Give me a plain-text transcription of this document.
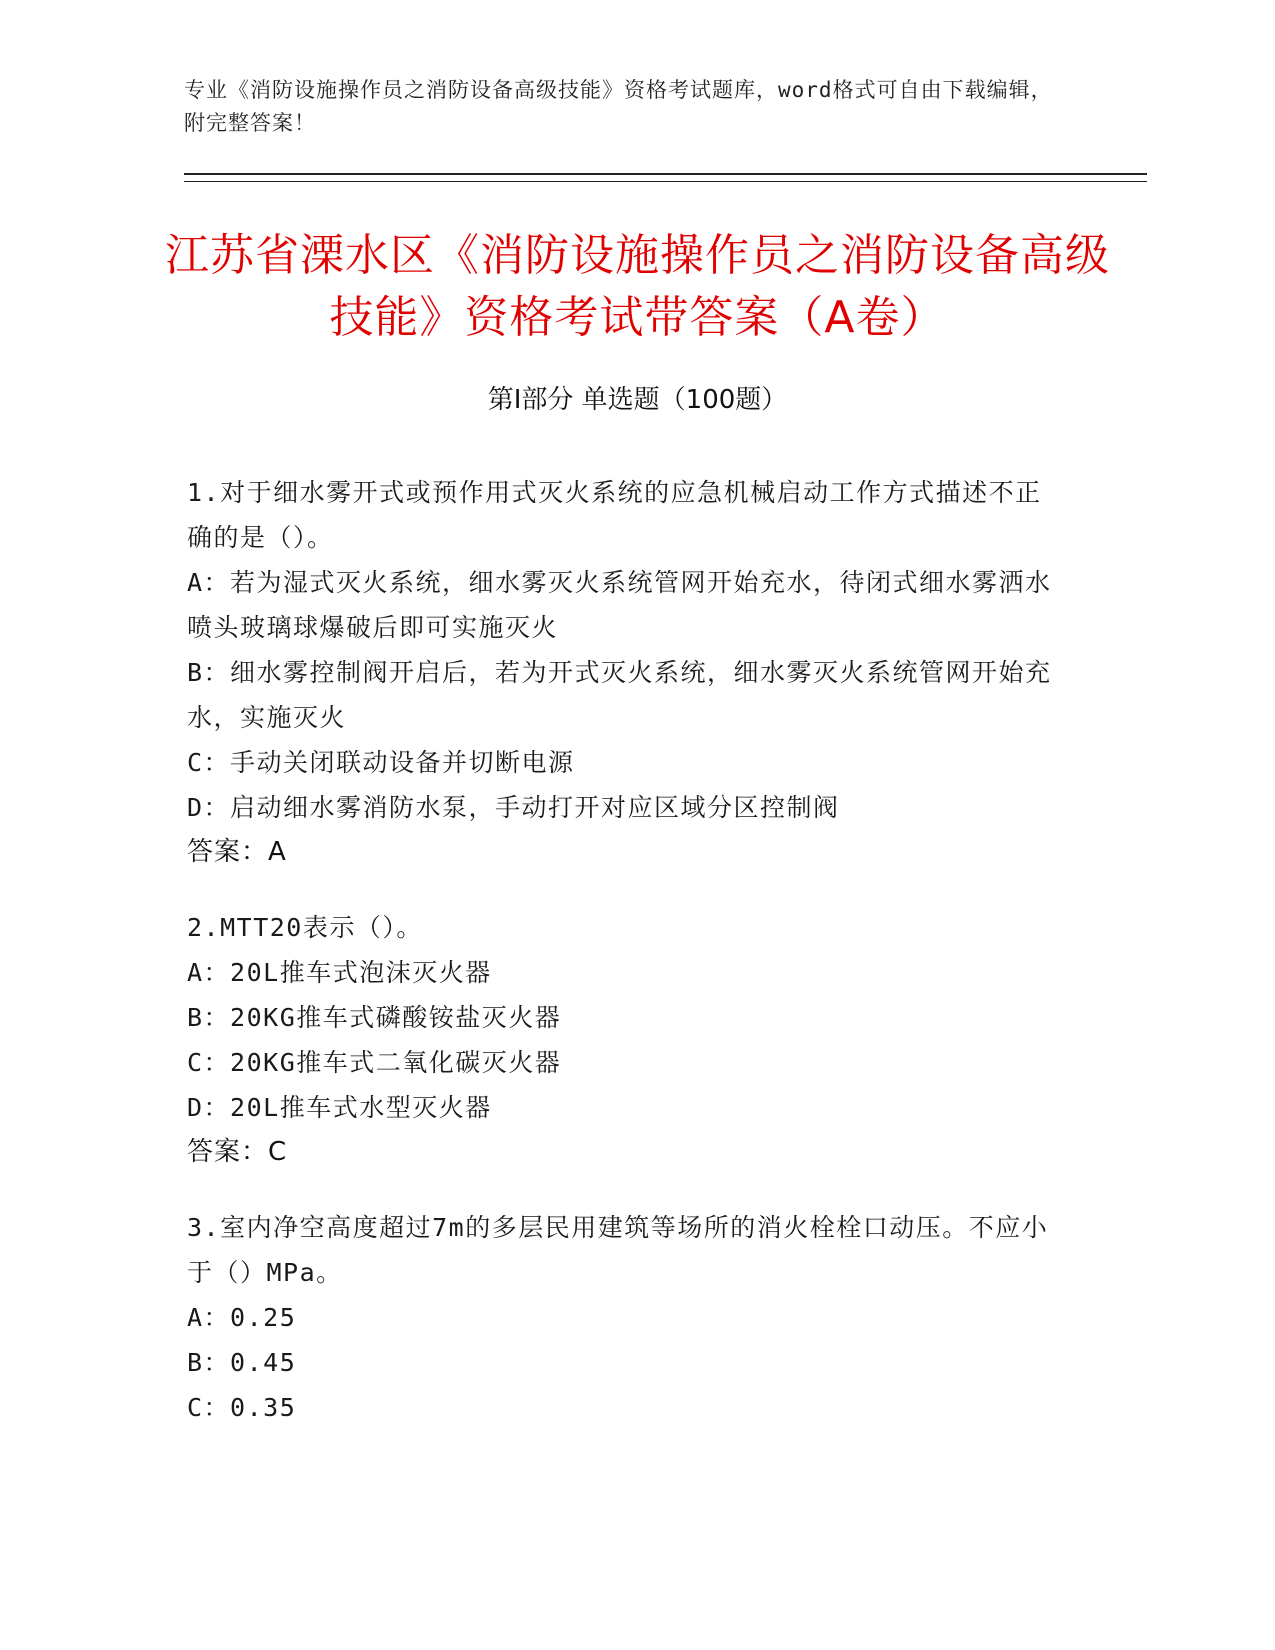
专业《消防设施操作员之消防设备高级技能》资格考试题库，word格式可自由下载编辑，附完整答案！
江苏省溧水区《消防设施操作员之消防设备高级技能》资格考试带答案（A卷）
第Ⅰ部分 单选题（100题）
1.对于细水雾开式或预作用式灭火系统的应急机械启动工作方式描述不正确的是（）。
A：若为湿式灭火系统，细水雾灭火系统管网开始充水，待闭式细水雾洒水喷头玻璃球爆破后即可实施灭火
B：细水雾控制阀开启后，若为开式灭火系统，细水雾灭火系统管网开始充水，实施灭火
C：手动关闭联动设备并切断电源
D：启动细水雾消防水泵，手动打开对应区域分区控制阀
答案：A
2.MTT20表示（）。
A：20L推车式泡沫灭火器
B：20KG推车式磷酸铵盐灭火器
C：20KG推车式二氧化碳灭火器
D：20L推车式水型灭火器
答案：C
3.室内净空高度超过7m的多层民用建筑等场所的消火栓栓口动压。不应小于（）MPa。
A：0.25
B：0.45
C：0.35
